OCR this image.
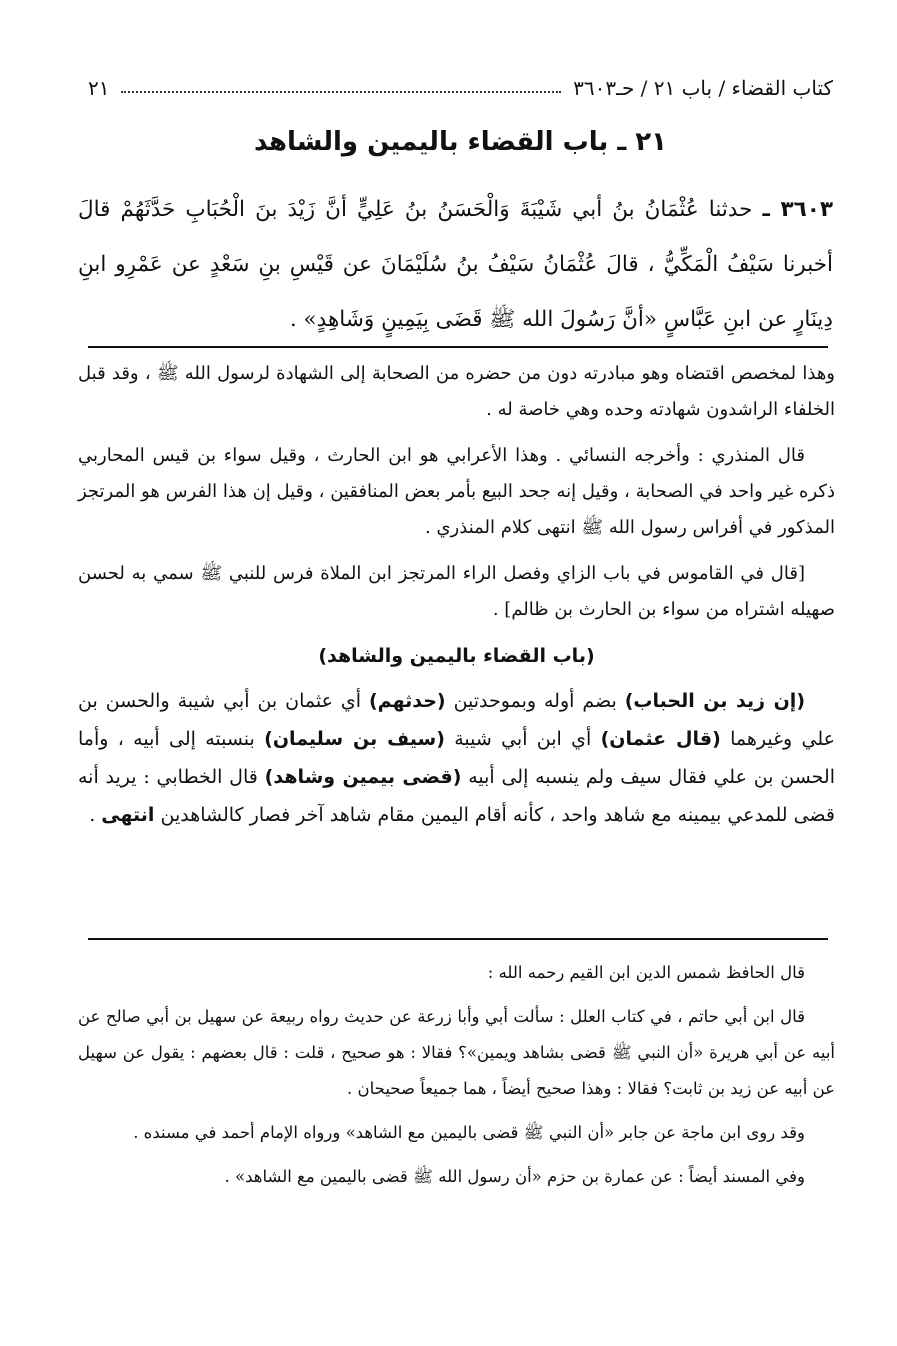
كتاب القضاء / باب ٢١ / حـ٣٦٠٣
٢١
٢١ ـ باب القضاء باليمين والشاهد
٣٦٠٣ ـ حدثنا عُثْمَانُ بنُ أبي شَيْبَةَ وَالْحَسَنُ بنُ عَلِيٍّ أنَّ زَيْدَ بنَ الْحُبَابِ حَدَّثَهُمْ قالَ أخبرنا سَيْفُ الْمَكِّيُّ ، قالَ عُثْمَانُ سَيْفُ بنُ سُلَيْمَانَ عن قَيْسِ بنِ سَعْدٍ عن عَمْرِو ابنِ دِينَارٍ عن ابنِ عَبَّاسٍ «أنَّ رَسُولَ الله ﷺ قَضَى بِيَمِينٍ وَشَاهِدٍ» .

وهذا لمخصص اقتضاه وهو مبادرته دون من حضره من الصحابة إلى الشهادة لرسول الله ﷺ ، وقد قبل الخلفاء الراشدون شهادته وحده وهي خاصة له .

قال المنذري : وأخرجه النسائي . وهذا الأعرابي هو ابن الحارث ، وقيل سواء بن قيس المحاربي ذكره غير واحد في الصحابة ، وقيل إنه جحد البيع بأمر بعض المنافقين ، وقيل إن هذا الفرس هو المرتجز المذكور في أفراس رسول الله ﷺ انتهى كلام المنذري .

[قال في القاموس في باب الزاي وفصل الراء المرتجز ابن الملاة فرس للنبي ﷺ سمي به لحسن صهيله اشتراه من سواء بن الحارث بن ظالم] .

(باب القضاء باليمين والشاهد)

(إن زيد بن الحباب) بضم أوله وبموحدتين (حدثهم) أي عثمان بن أبي شيبة والحسن بن علي وغيرهما (قال عثمان) أي ابن أبي شيبة (سيف بن سليمان) بنسبته إلى أبيه ، وأما الحسن بن علي فقال سيف ولم ينسبه إلى أبيه (قضى بيمين وشاهد) قال الخطابي : يريد أنه قضى للمدعي بيمينه مع شاهد واحد ، كأنه أقام اليمين مقام شاهد آخر فصار كالشاهدين انتهى .

قال الحافظ شمس الدين ابن القيم رحمه الله :

قال ابن أبي حاتم ، في كتاب العلل : سألت أبي وأبا زرعة عن حديث رواه ربيعة عن سهيل بن أبي صالح عن أبيه عن أبي هريرة «أن النبي ﷺ قضى بشاهد ويمين»؟ فقالا : هو صحيح ، قلت : قال بعضهم : يقول عن سهيل عن أبيه عن زيد بن ثابت؟ فقالا : وهذا صحيح أيضاً ، هما جميعاً صحيحان .

وقد روى ابن ماجة عن جابر «أن النبي ﷺ قضى باليمين مع الشاهد» ورواه الإمام أحمد في مسنده .

وفي المسند أيضاً : عن عمارة بن حزم «أن رسول الله ﷺ قضى باليمين مع الشاهد» .
